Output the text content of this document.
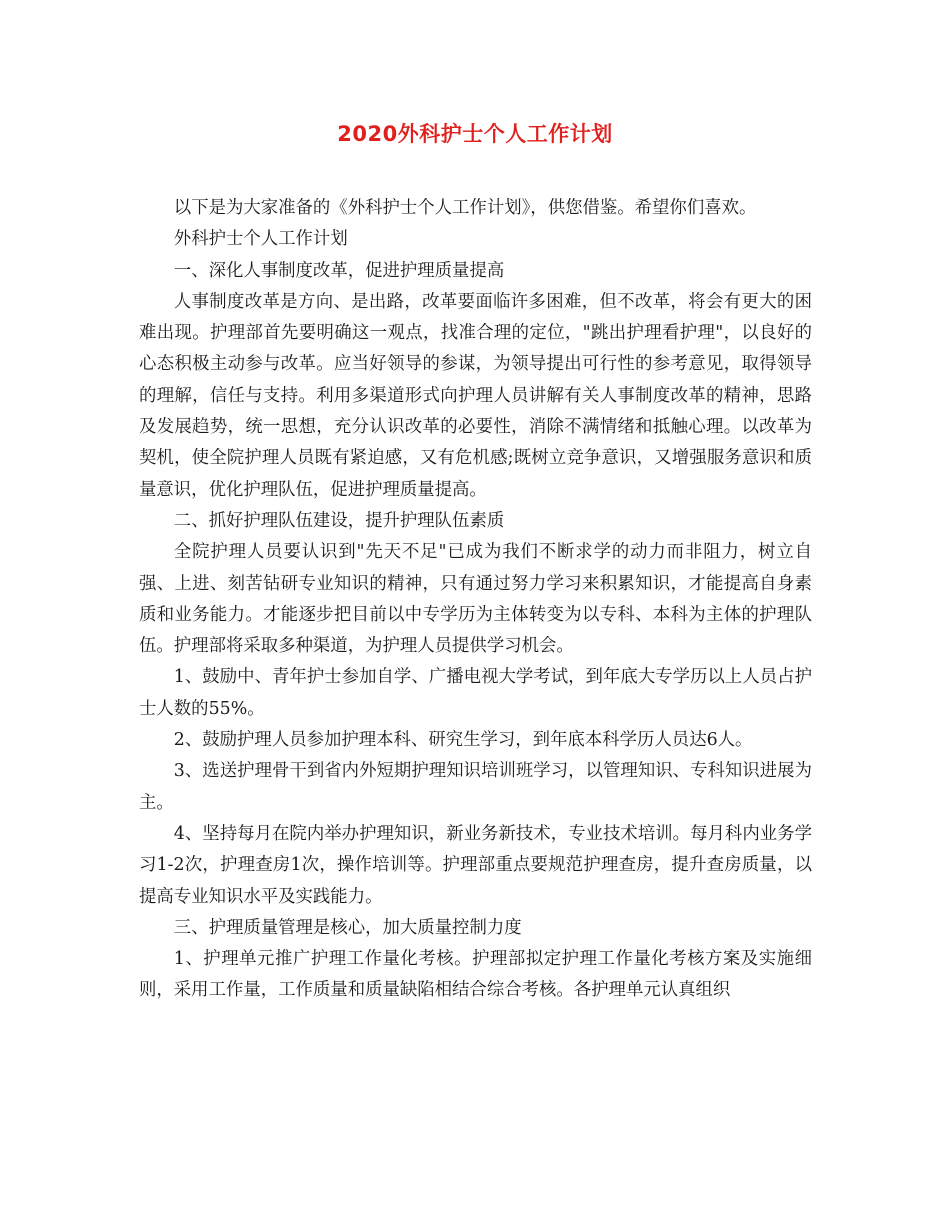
2020外科护士个人工作计划

以下是为大家准备的《外科护士个人工作计划》，供您借鉴。希望你们喜欢。

外科护士个人工作计划

一、深化人事制度改革，促进护理质量提高

人事制度改革是方向、是出路，改革要面临许多困难，但不改革，将会有更大的困难出现。护理部首先要明确这一观点，找准合理的定位，"跳出护理看护理"，以良好的心态积极主动参与改革。应当好领导的参谋，为领导提出可行性的参考意见，取得领导的理解，信任与支持。利用多渠道形式向护理人员讲解有关人事制度改革的精神，思路及发展趋势，统一思想，充分认识改革的必要性，消除不满情绪和抵触心理。以改革为契机，使全院护理人员既有紧迫感，又有危机感;既树立竞争意识，又增强服务意识和质量意识，优化护理队伍，促进护理质量提高。

二、抓好护理队伍建设，提升护理队伍素质

全院护理人员要认识到"先天不足"已成为我们不断求学的动力而非阻力，树立自强、上进、刻苦钻研专业知识的精神，只有通过努力学习来积累知识，才能提高自身素质和业务能力。才能逐步把目前以中专学历为主体转变为以专科、本科为主体的护理队伍。护理部将采取多种渠道，为护理人员提供学习机会。

1、鼓励中、青年护士参加自学、广播电视大学考试，到年底大专学历以上人员占护士人数的55%。

2、鼓励护理人员参加护理本科、研究生学习，到年底本科学历人员达6人。

3、选送护理骨干到省内外短期护理知识培训班学习，以管理知识、专科知识进展为主。

4、坚持每月在院内举办护理知识，新业务新技术，专业技术培训。每月科内业务学习1-2次，护理查房1次，操作培训等。护理部重点要规范护理查房，提升查房质量，以提高专业知识水平及实践能力。

三、护理质量管理是核心，加大质量控制力度

1、护理单元推广护理工作量化考核。护理部拟定护理工作量化考核方案及实施细则，采用工作量，工作质量和质量缺陷相结合综合考核。各护理单元认真组织
